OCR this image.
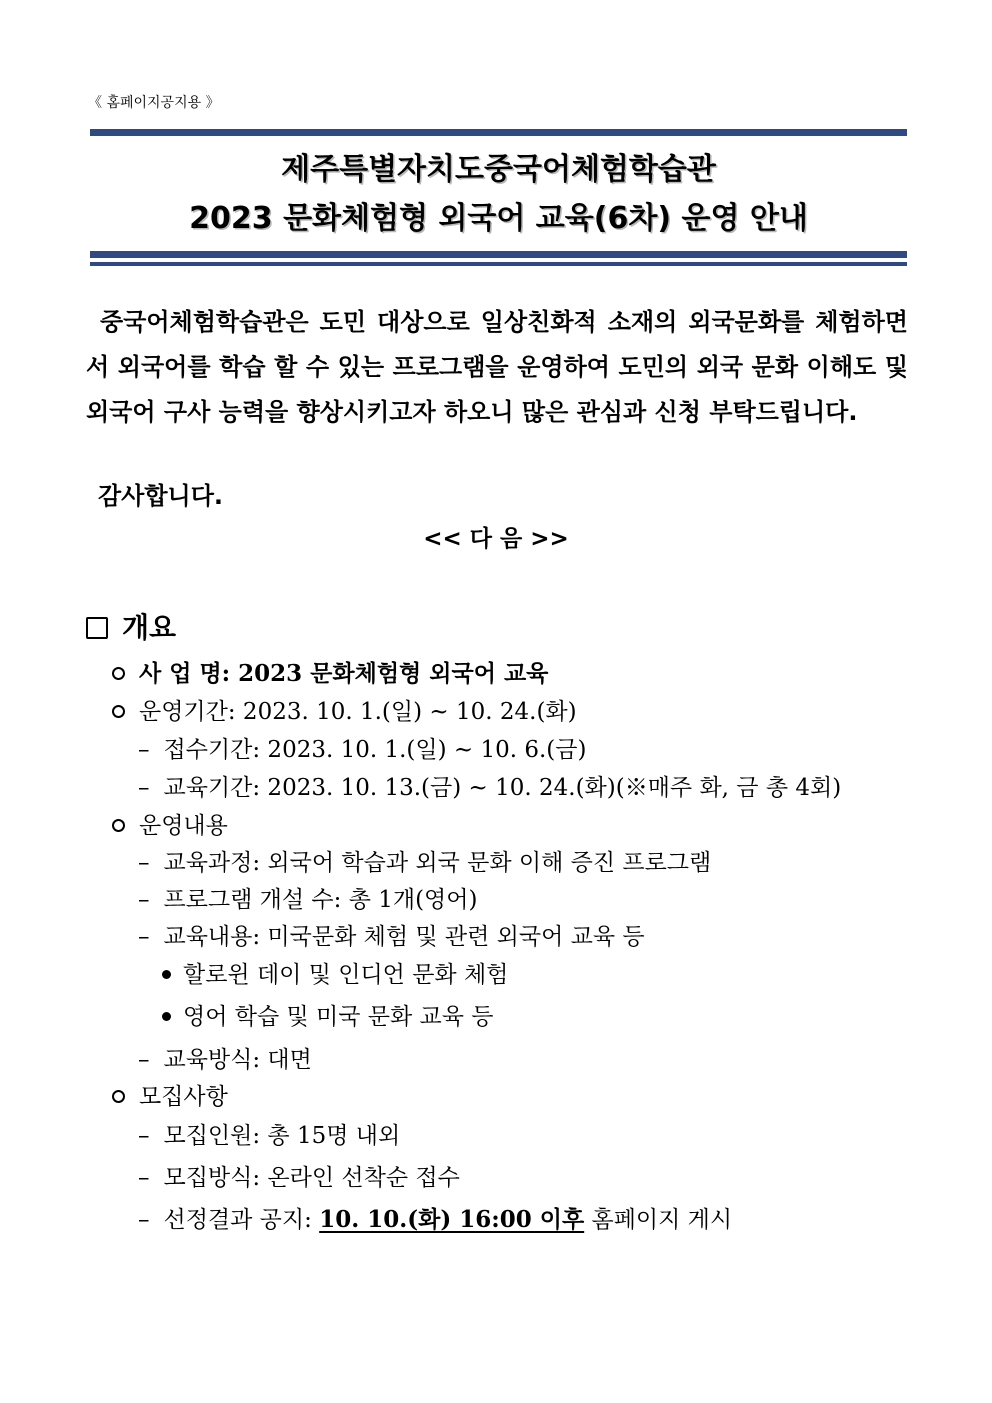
《 홈페이지공지용 》
제주특별자치도중국어체험학습관
2023 문화체험형 외국어 교육(6차) 운영 안내
중국어체험학습관은 도민 대상으로 일상친화적 소재의 외국문화를 체험하면서 외국어를 학습 할 수 있는 프로그램을 운영하여 도민의 외국 문화 이해도 및 외국어 구사 능력을 향상시키고자 하오니 많은 관심과 신청 부탁드립니다.
감사합니다.
<< 다 음 >>
개요
사 업 명: 2023 문화체험형 외국어 교육
운영기간: 2023. 10. 1.(일) ~ 10. 24.(화)
– 접수기간: 2023. 10. 1.(일) ~ 10. 6.(금)
– 교육기간: 2023. 10. 13.(금) ~ 10. 24.(화)(※매주 화, 금 총 4회)
운영내용
– 교육과정: 외국어 학습과 외국 문화 이해 증진 프로그램
– 프로그램 개설 수: 총 1개(영어)
– 교육내용: 미국문화 체험 및 관련 외국어 교육 등
할로윈 데이 및 인디언 문화 체험
영어 학습 및 미국 문화 교육 등
– 교육방식: 대면
모집사항
– 모집인원: 총 15명 내외
– 모집방식: 온라인 선착순 접수
– 선정결과 공지: 10. 10.(화) 16:00 이후 홈페이지 게시
